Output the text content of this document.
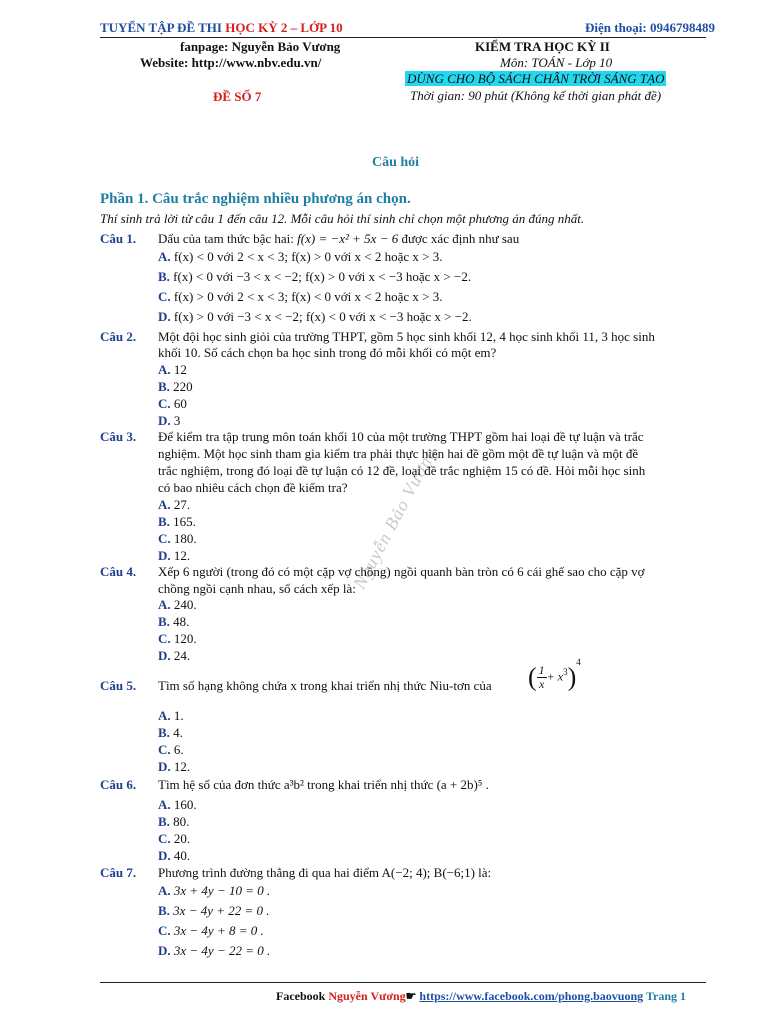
TUYỂN TẬP ĐỀ THI HỌC KỲ 2 – LỚP 10	Điện thoại: 0946798489
fanpage: Nguyễn Bảo Vương
Website: http://www.nbv.edu.vn/
ĐỀ SỐ 7
KIỂM TRA HỌC KỲ II
Môn: TOÁN - Lớp 10
DÙNG CHO BỘ SÁCH CHÂN TRỜI SÁNG TẠO
Thời gian: 90 phút (Không kể thời gian phát đề)
Câu hỏi
Phần 1. Câu trắc nghiệm nhiều phương án chọn.
Thí sinh trả lời từ câu 1 đến câu 12. Mỗi câu hỏi thí sinh chỉ chọn một phương án đúng nhất.
Nguyễn Bảo Vương
Câu 1. Dấu của tam thức bậc hai: f(x) = −x² + 5x − 6 được xác định như sau
A. f(x) < 0 với 2 < x < 3; f(x) > 0 với x < 2 hoặc x > 3.
B. f(x) < 0 với −3 < x < −2; f(x) > 0 với x < −3 hoặc x > −2.
C. f(x) > 0 với 2 < x < 3; f(x) < 0 với x < 2 hoặc x > 3.
D. f(x) > 0 với −3 < x < −2; f(x) < 0 với x < −3 hoặc x > −2.
Câu 2. Một đội học sinh giỏi của trường THPT, gồm 5 học sinh khối 12, 4 học sinh khối 11, 3 học sinh
khối 10. Số cách chọn ba học sinh trong đó mỗi khối có một em?
A. 12
B. 220
C. 60
D. 3
Câu 3. Để kiểm tra tập trung môn toán khối 10 của một trường THPT gồm hai loại đề tự luận và trắc
nghiệm. Một học sinh tham gia kiểm tra phải thực hiện hai đề gồm một đề tự luận và một đề
trắc nghiệm, trong đó loại đề tự luận có 12 đề, loại đề trắc nghiệm 15 có đề. Hỏi mỗi học sinh
có bao nhiêu cách chọn đề kiểm tra?
A. 27.
B. 165.
C. 180.
D. 12.
Câu 4. Xếp 6 người (trong đó có một cặp vợ chồng) ngồi quanh bàn tròn có 6 cái ghế sao cho cặp vợ
chồng ngồi cạnh nhau, số cách xếp là:
A. 240.
B. 48.
C. 120.
D. 24.
Câu 5. Tìm số hạng không chứa x trong khai triển nhị thức Niu-tơn của ( $\frac{1}{x} + x^3)^4$
A. 1.
B. 4.
C. 6.
D. 12.
Câu 6. Tìm hệ số của đơn thức a³b² trong khai triển nhị thức (a + 2b)⁵ .
A. 160.
B. 80.
C. 20.
D. 40.
Câu 7. Phương trình đường thẳng đi qua hai điểm A(−2; 4); B(−6;1) là:
A. 3x + 4y − 10 = 0 .
B. 3x − 4y + 22 = 0 .
C. 3x − 4y + 8 = 0 .
D. 3x − 4y − 22 = 0 .
Facebook Nguyễn Vương☛ https://www.facebook.com/phong.baovuong Trang 1
